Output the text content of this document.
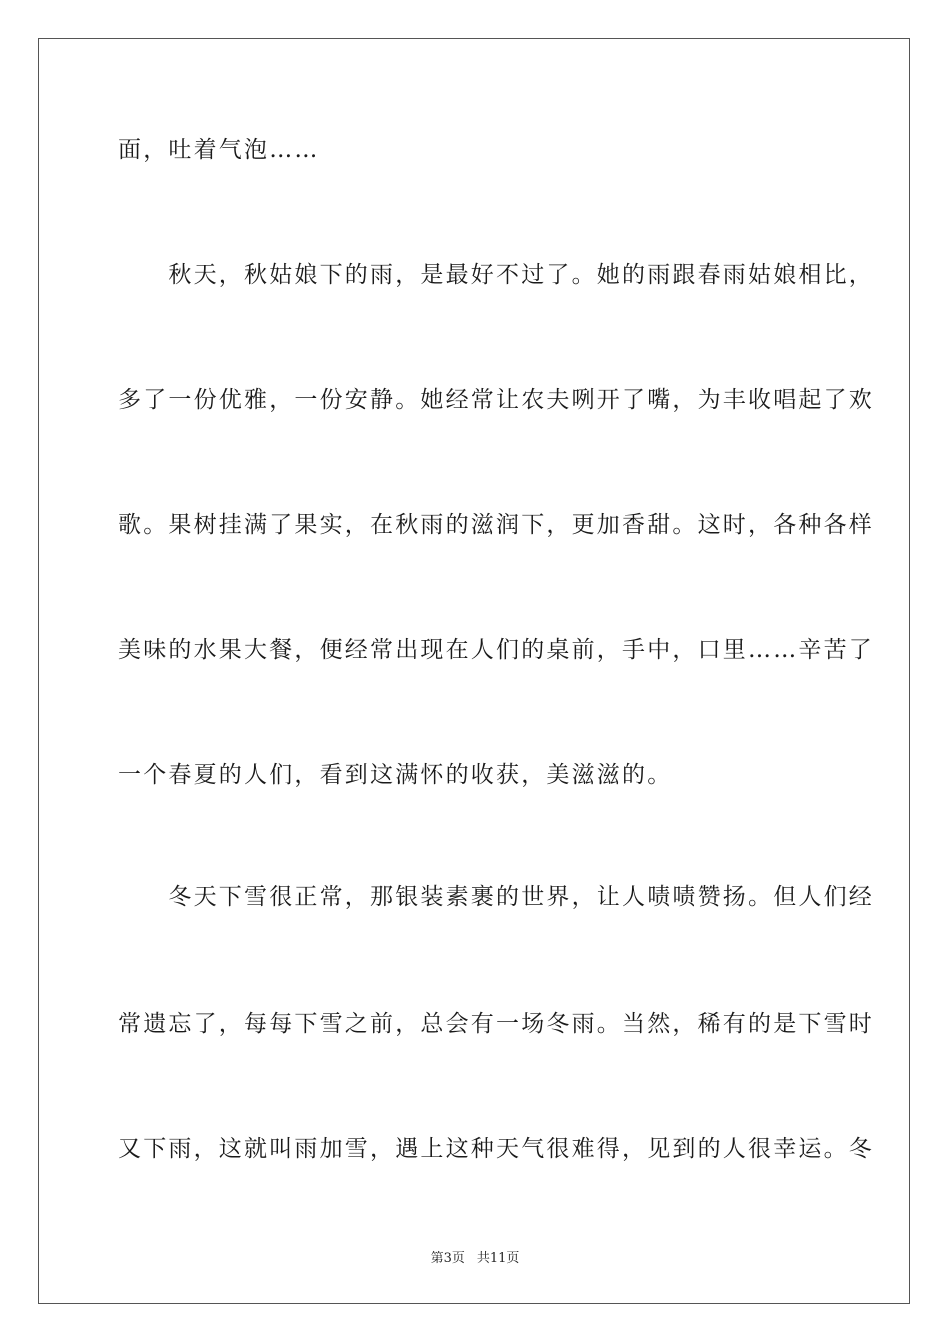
面，吐着气泡……
　　秋天，秋姑娘下的雨，是最好不过了。她的雨跟春雨姑娘相比，
多了一份优雅，一份安静。她经常让农夫咧开了嘴，为丰收唱起了欢
歌。果树挂满了果实，在秋雨的滋润下，更加香甜。这时，各种各样
美味的水果大餐，便经常出现在人们的桌前，手中，口里……辛苦了
一个春夏的人们，看到这满怀的收获，美滋滋的。
　　冬天下雪很正常，那银装素裹的世界，让人啧啧赞扬。但人们经
常遗忘了，每每下雪之前，总会有一场冬雨。当然，稀有的是下雪时
又下雨，这就叫雨加雪，遇上这种天气很难得，见到的人很幸运。冬
第3页 共11页
